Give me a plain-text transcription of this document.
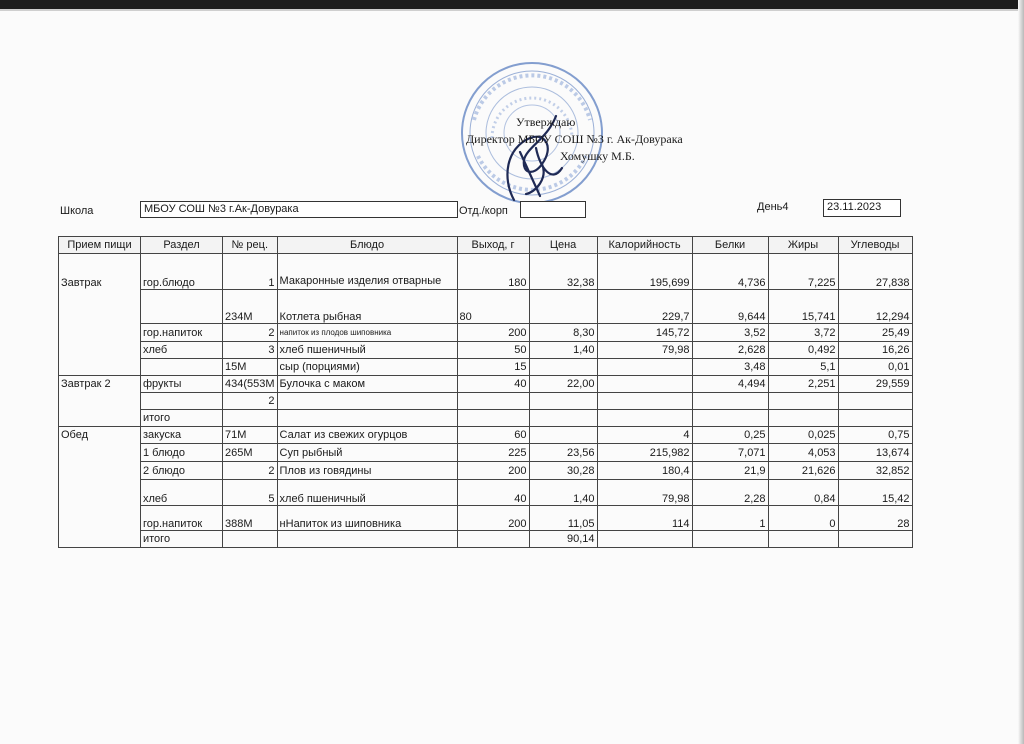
Утверждаю
Директор МБОУ СОШ №3 г. Ак-Довурака
Хомушку М.Б.
Школа	МБОУ СОШ №3 г.Ак-Довурака	Отд./корп	День4	23.11.2023
Прием пищи	Раздел	№ рец.	Блюдо	Выход, г	Цена	Калорийность	Белки	Жиры	Углеводы
Завтрак	гор.блюдо	1	Макаронные изделия отварные	180	32,38	195,699	4,736	7,225	27,838
		234М	Котлета рыбная	80		229,7	9,644	15,741	12,294
	гор.напиток	2	напиток из плодов шиповника	200	8,30	145,72	3,52	3,72	25,49
	хлеб	3	хлеб пшеничный	50	1,40	79,98	2,628	0,492	16,26
		15М	сыр (порциями)	15			3,48	5,1	0,01
Завтрак 2	фрукты	434(553М	Булочка с маком	40	22,00		4,494	2,251	29,559
		2							
	итого								
Обед	закуска	71М	Салат из свежих огурцов	60		4	0,25	0,025	0,75
	1 блюдо	265М	Суп рыбный	225	23,56	215,982	7,071	4,053	13,674
	2 блюдо	2	Плов из говядины	200	30,28	180,4	21,9	21,626	32,852
	хлеб	5	хлеб пшеничный	40	1,40	79,98	2,28	0,84	15,42
	гор.напиток	388М	нНапиток из шиповника	200	11,05	114	1	0	28
	итого				90,14				
